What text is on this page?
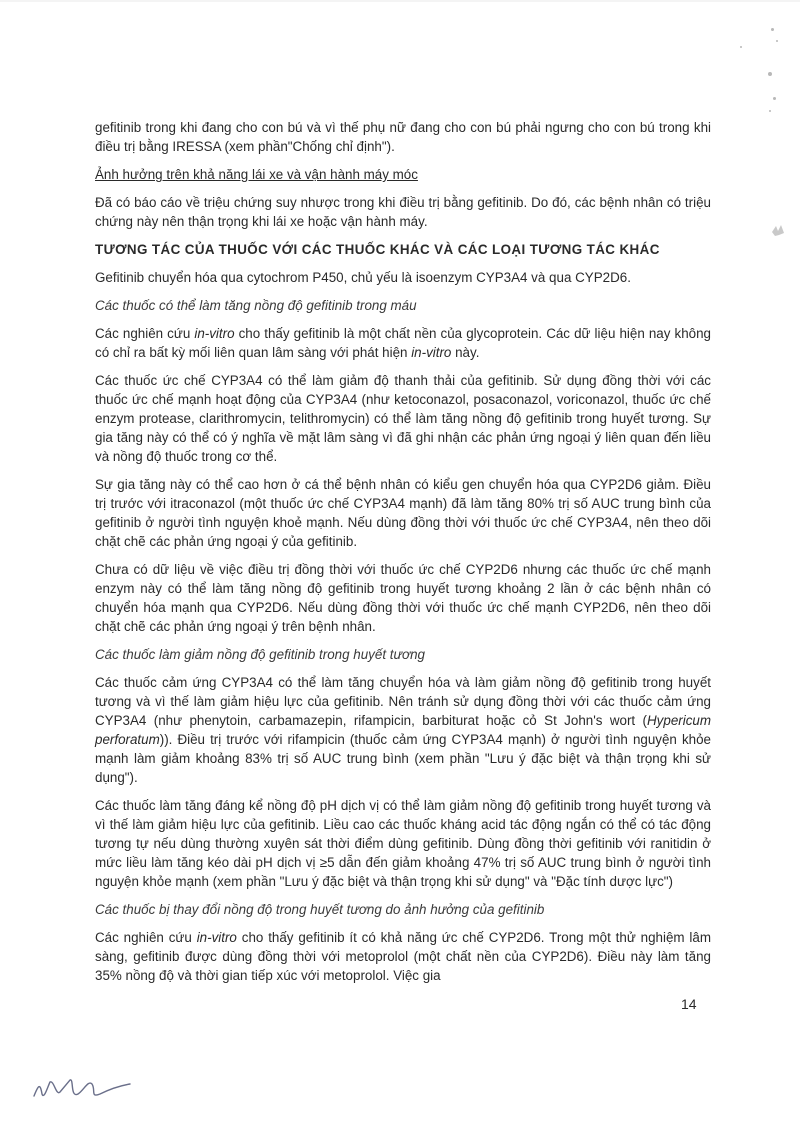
gefitinib trong khi đang cho con bú và vì thế phụ nữ đang cho con bú phải ngưng cho con bú trong khi điều trị bằng IRESSA (xem phần"Chống chỉ định").

Ảnh hưởng trên khả năng lái xe và vận hành máy móc

Đã có báo cáo về triệu chứng suy nhược trong khi điều trị bằng gefitinib. Do đó, các bệnh nhân có triệu chứng này nên thận trọng khi lái xe hoặc vận hành máy.

TƯƠNG TÁC CỦA THUỐC VỚI CÁC THUỐC KHÁC VÀ CÁC LOẠI TƯƠNG TÁC KHÁC

Gefitinib chuyển hóa qua cytochrom P450, chủ yếu là isoenzym CYP3A4 và qua CYP2D6.

Các thuốc có thể làm tăng nồng độ gefitinib trong máu

Các nghiên cứu in-vitro cho thấy gefitinib là một chất nền của glycoprotein. Các dữ liệu hiện nay không có chỉ ra bất kỳ mối liên quan lâm sàng với phát hiện in-vitro này.

Các thuốc ức chế CYP3A4 có thể làm giảm độ thanh thải của gefitinib. Sử dụng đồng thời với các thuốc ức chế mạnh hoạt động của CYP3A4 (như ketoconazol, posaconazol, voriconazol, thuốc ức chế enzym protease, clarithromycin, telithromycin) có thể làm tăng nồng độ gefitinib trong huyết tương. Sự gia tăng này có thể có ý nghĩa về mặt lâm sàng vì đã ghi nhận các phản ứng ngoại ý liên quan đến liều và nồng độ thuốc trong cơ thể.

Sự gia tăng này có thể cao hơn ở cá thể bệnh nhân có kiểu gen chuyển hóa qua CYP2D6 giảm. Điều trị trước với itraconazol (một thuốc ức chế CYP3A4 mạnh) đã làm tăng 80% trị số AUC trung bình của gefitinib ở người tình nguyện khoẻ mạnh. Nếu dùng đồng thời với thuốc ức chế CYP3A4, nên theo dõi chặt chẽ các phản ứng ngoại ý của gefitinib.

Chưa có dữ liệu về việc điều trị đồng thời với thuốc ức chế CYP2D6 nhưng các thuốc ức chế mạnh enzym này có thể làm tăng nồng độ gefitinib trong huyết tương khoảng 2 lần ở các bệnh nhân có chuyển hóa mạnh qua CYP2D6. Nếu dùng đồng thời với thuốc ức chế mạnh CYP2D6, nên theo dõi chặt chẽ các phản ứng ngoại ý trên bệnh nhân.

Các thuốc làm giảm nồng độ gefitinib trong huyết tương

Các thuốc cảm ứng CYP3A4 có thể làm tăng chuyển hóa và làm giảm nồng độ gefitinib trong huyết tương và vì thế làm giảm hiệu lực của gefitinib. Nên tránh sử dụng đồng thời với các thuốc cảm ứng CYP3A4 (như phenytoin, carbamazepin, rifampicin, barbiturat hoặc cỏ St John's wort (Hypericum perforatum)). Điều trị trước với rifampicin (thuốc cảm ứng CYP3A4 mạnh) ở người tình nguyện khỏe mạnh làm giảm khoảng 83% trị số AUC trung bình (xem phần "Lưu ý đặc biệt và thận trọng khi sử dụng").

Các thuốc làm tăng đáng kể nồng độ pH dịch vị có thể làm giảm nồng độ gefitinib trong huyết tương và vì thế làm giảm hiệu lực của gefitinib. Liều cao các thuốc kháng acid tác động ngắn có thể có tác động tương tự nếu dùng thường xuyên sát thời điểm dùng gefitinib. Dùng đồng thời gefitinib với ranitidin ở mức liều làm tăng kéo dài pH dịch vị ≥5 dẫn đến giảm khoảng 47% trị số AUC trung bình ở người tình nguyện khỏe mạnh (xem phần "Lưu ý đặc biệt và thận trọng khi sử dụng" và "Đặc tính dược lực")

Các thuốc bị thay đổi nồng độ trong huyết tương do ảnh hưởng của gefitinib

Các nghiên cứu in-vitro cho thấy gefitinib ít có khả năng ức chế CYP2D6. Trong một thử nghiệm lâm sàng, gefitinib được dùng đồng thời với metoprolol (một chất nền của CYP2D6). Điều này làm tăng 35% nồng độ và thời gian tiếp xúc với metoprolol. Việc gia

14
